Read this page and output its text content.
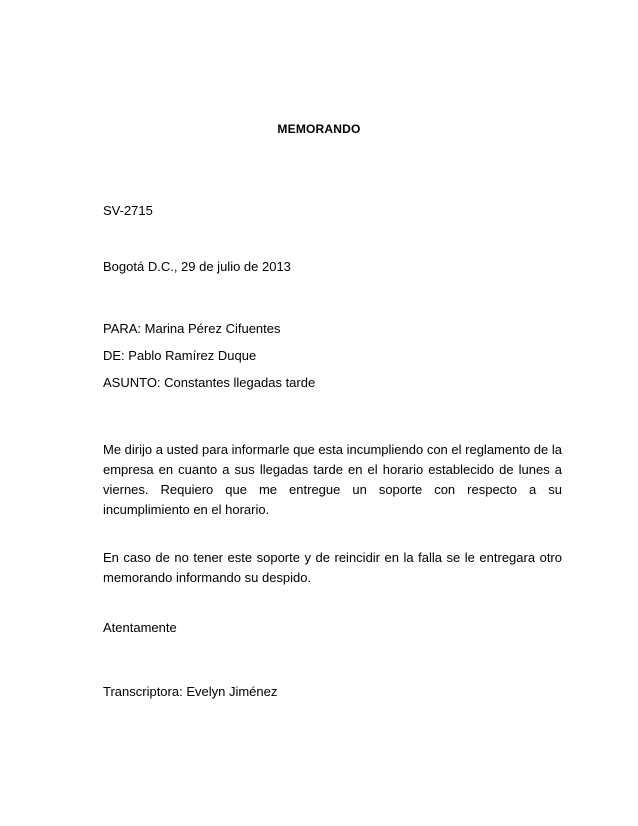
MEMORANDO
SV-2715
Bogotá D.C., 29 de julio de 2013
PARA: Marina Pérez Cifuentes
DE: Pablo Ramírez Duque
ASUNTO: Constantes llegadas tarde
Me dirijo a usted para informarle que esta incumpliendo con el reglamento de la empresa en cuanto a sus llegadas tarde en el horario establecido de lunes a viernes. Requiero que me entregue un soporte con respecto a su incumplimiento en el horario.
En caso de no tener este soporte y de reincidir en la falla se le entregara otro memorando informando su despido.
Atentamente
Transcriptora: Evelyn Jiménez
